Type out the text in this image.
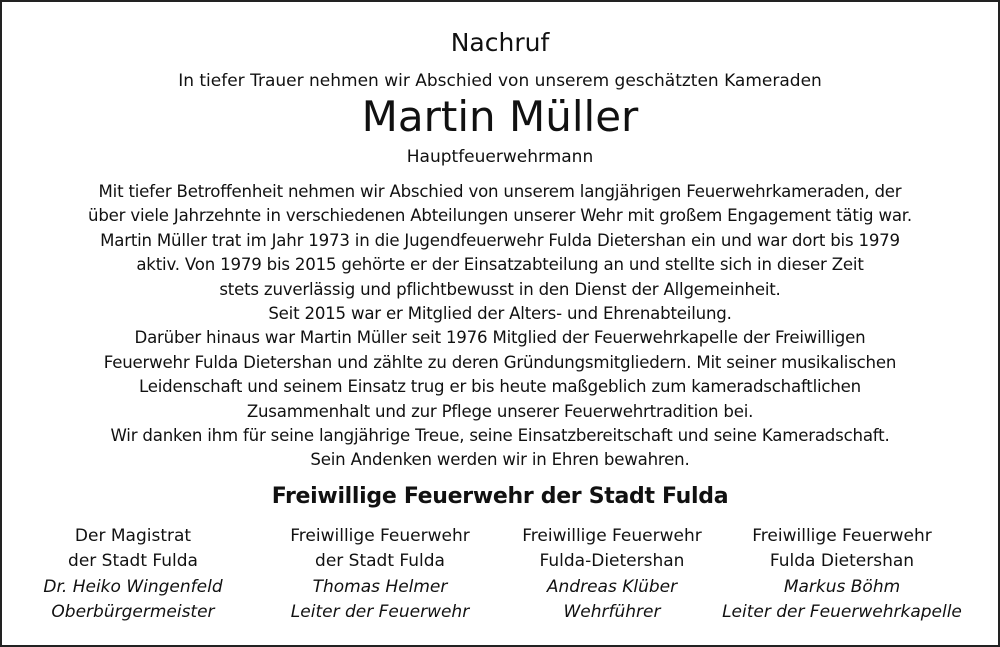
Nachruf
In tiefer Trauer nehmen wir Abschied von unserem geschätzten Kameraden
Martin Müller
Hauptfeuerwehrmann
Mit tiefer Betroffenheit nehmen wir Abschied von unserem langjährigen Feuerwehrkameraden, der
über viele Jahrzehnte in verschiedenen Abteilungen unserer Wehr mit großem Engagement tätig war.
Martin Müller trat im Jahr 1973 in die Jugendfeuerwehr Fulda Dietershan ein und war dort bis 1979
aktiv. Von 1979 bis 2015 gehörte er der Einsatzabteilung an und stellte sich in dieser Zeit
stets zuverlässig und pflichtbewusst in den Dienst der Allgemeinheit.
Seit 2015 war er Mitglied der Alters- und Ehrenabteilung.
Darüber hinaus war Martin Müller seit 1976 Mitglied der Feuerwehrkapelle der Freiwilligen
Feuerwehr Fulda Dietershan und zählte zu deren Gründungsmitgliedern. Mit seiner musikalischen
Leidenschaft und seinem Einsatz trug er bis heute maßgeblich zum kameradschaftlichen
Zusammenhalt und zur Pflege unserer Feuerwehrtradition bei.
Wir danken ihm für seine langjährige Treue, seine Einsatzbereitschaft und seine Kameradschaft.
Sein Andenken werden wir in Ehren bewahren.
Freiwillige Feuerwehr der Stadt Fulda
Der Magistrat
der Stadt Fulda
Dr. Heiko Wingenfeld
Oberbürgermeister
Freiwillige Feuerwehr
der Stadt Fulda
Thomas Helmer
Leiter der Feuerwehr
Freiwillige Feuerwehr
Fulda-Dietershan
Andreas Klüber
Wehrführer
Freiwillige Feuerwehr
Fulda Dietershan
Markus Böhm
Leiter der Feuerwehrkapelle
